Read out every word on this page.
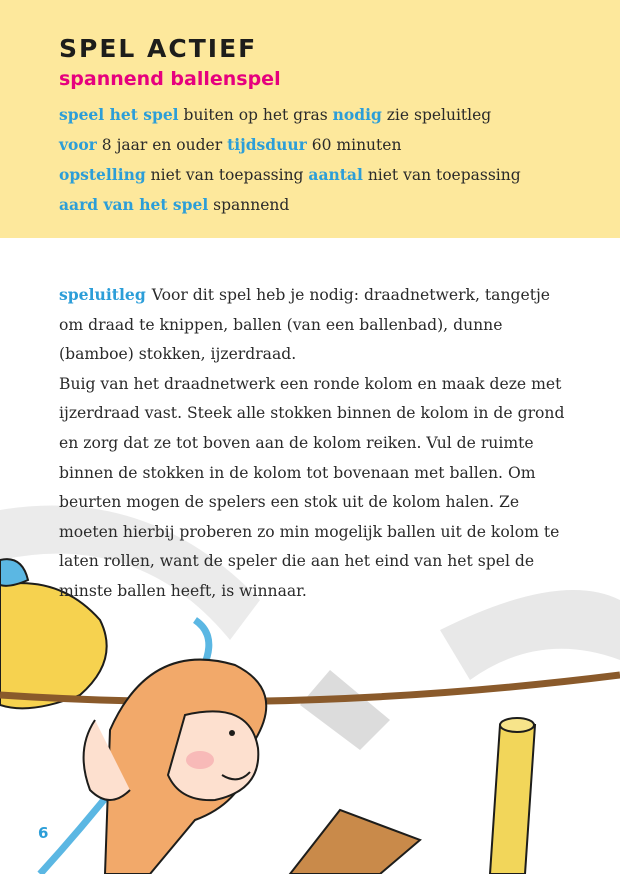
SPEL ACTIEF
spannend ballenspel

speel het spel buiten op het gras nodig zie speluitleg

voor 8 jaar en ouder tijdsduur 60 minuten

opstelling niet van toepassing aantal niet van toepassing

aard van het spel spannend

speluitleg Voor dit spel heb je nodig: draadnetwerk, tangetje om draad te knippen, ballen (van een ballenbad), dunne (bamboe) stokken, ijzerdraad.
Buig van het draadnetwerk een ronde kolom en maak deze met ijzerdraad vast. Steek alle stokken binnen de kolom in de grond en zorg dat ze tot boven aan de kolom reiken. Vul de ruimte binnen de stokken in de kolom tot bovenaan met ballen. Om beurten mogen de spelers een stok uit de kolom halen. Ze moeten hierbij proberen zo min mogelijk ballen uit de kolom te laten rollen, want de speler die aan het eind van het spel de minste ballen heeft, is winnaar.

6
